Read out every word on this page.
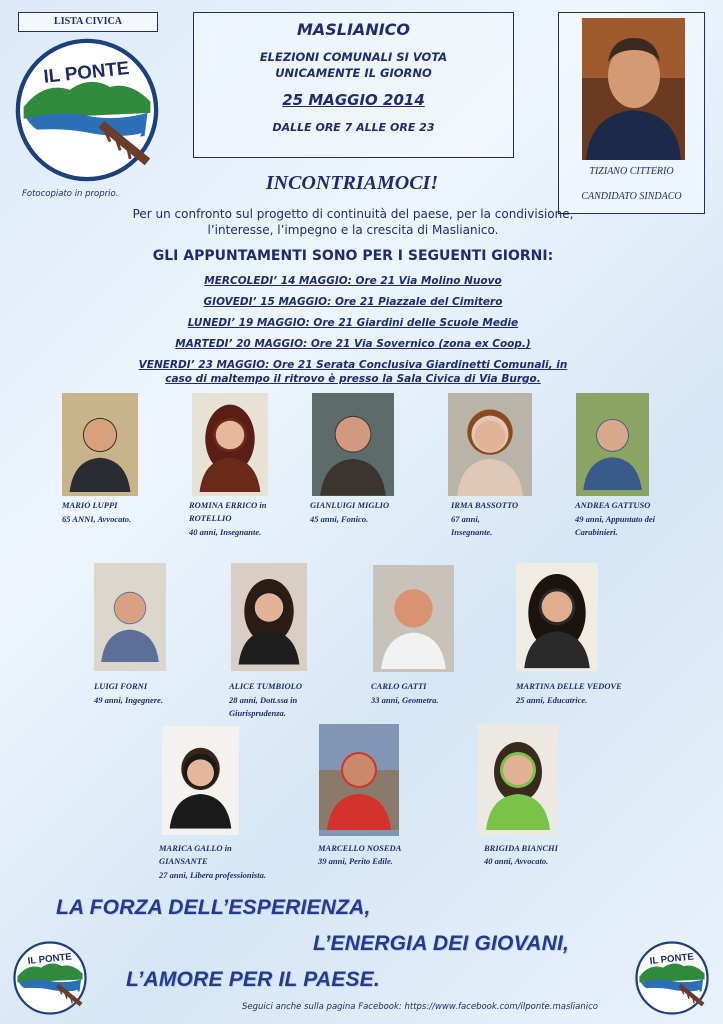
LISTA CIVICA
Fotocopiato in proprio.
MASLIANICO
ELEZIONI COMUNALI SI VOTA
UNICAMENTE IL GIORNO
25 MAGGIO 2014
DALLE ORE 7 ALLE ORE 23
TIZIANO CITTERIO
CANDIDATO SINDACO
INCONTRIAMOCI!
Per un confronto sul progetto di continuità del paese, per la condivisione, l’interesse, l’impegno e la crescita di Maslianico.
GLI APPUNTAMENTI SONO PER I SEGUENTI GIORNI:
MERCOLEDI’ 14 MAGGIO: Ore 21 Via Molino Nuovo
GIOVEDI’ 15 MAGGIO: Ore 21 Piazzale del Cimitero
LUNEDI’ 19 MAGGIO: Ore 21 Giardini delle Scuole Medie
MARTEDI’ 20 MAGGIO: Ore 21 Via Sovernico (zona ex Coop.)
VENERDI’ 23 MAGGIO: Ore 21 Serata Conclusiva Giardinetti Comunali, in
caso di maltempo il ritrovo è presso la Sala Civica di Via Burgo.
MARIO LUPPI
65 ANNI, Avvocato.
ROMINA ERRICO in
ROTELLIO
40 anni, Insegnante.
GIANLUIGI MIGLIO
45 anni, Fonico.
IRMA BASSOTTO
67 anni,
Insegnante.
ANDREA GATTUSO
49 anni, Appuntato dei
Carabinieri.
LUIGI FORNI
49 anni, Ingegnere.
ALICE TUMBIOLO
28 anni, Dott.ssa in
Giurisprudenza.
CARLO GATTI
33 anni, Geometra.
MARTINA DELLE VEDOVE
25 anni, Educatrice.
MARICA GALLO in
GIANSANTE
27 anni, Libera professionista.
MARCELLO NOSEDA
39 anni, Perito Edile.
BRIGIDA BIANCHI
40 anni, Avvocato.
LA FORZA DELL’ESPERIENZA,
L’ENERGIA DEI GIOVANI,
L’AMORE PER IL PAESE.
Seguici anche sulla pagina Facebook: https://www.facebook.com/ilponte.maslianico
